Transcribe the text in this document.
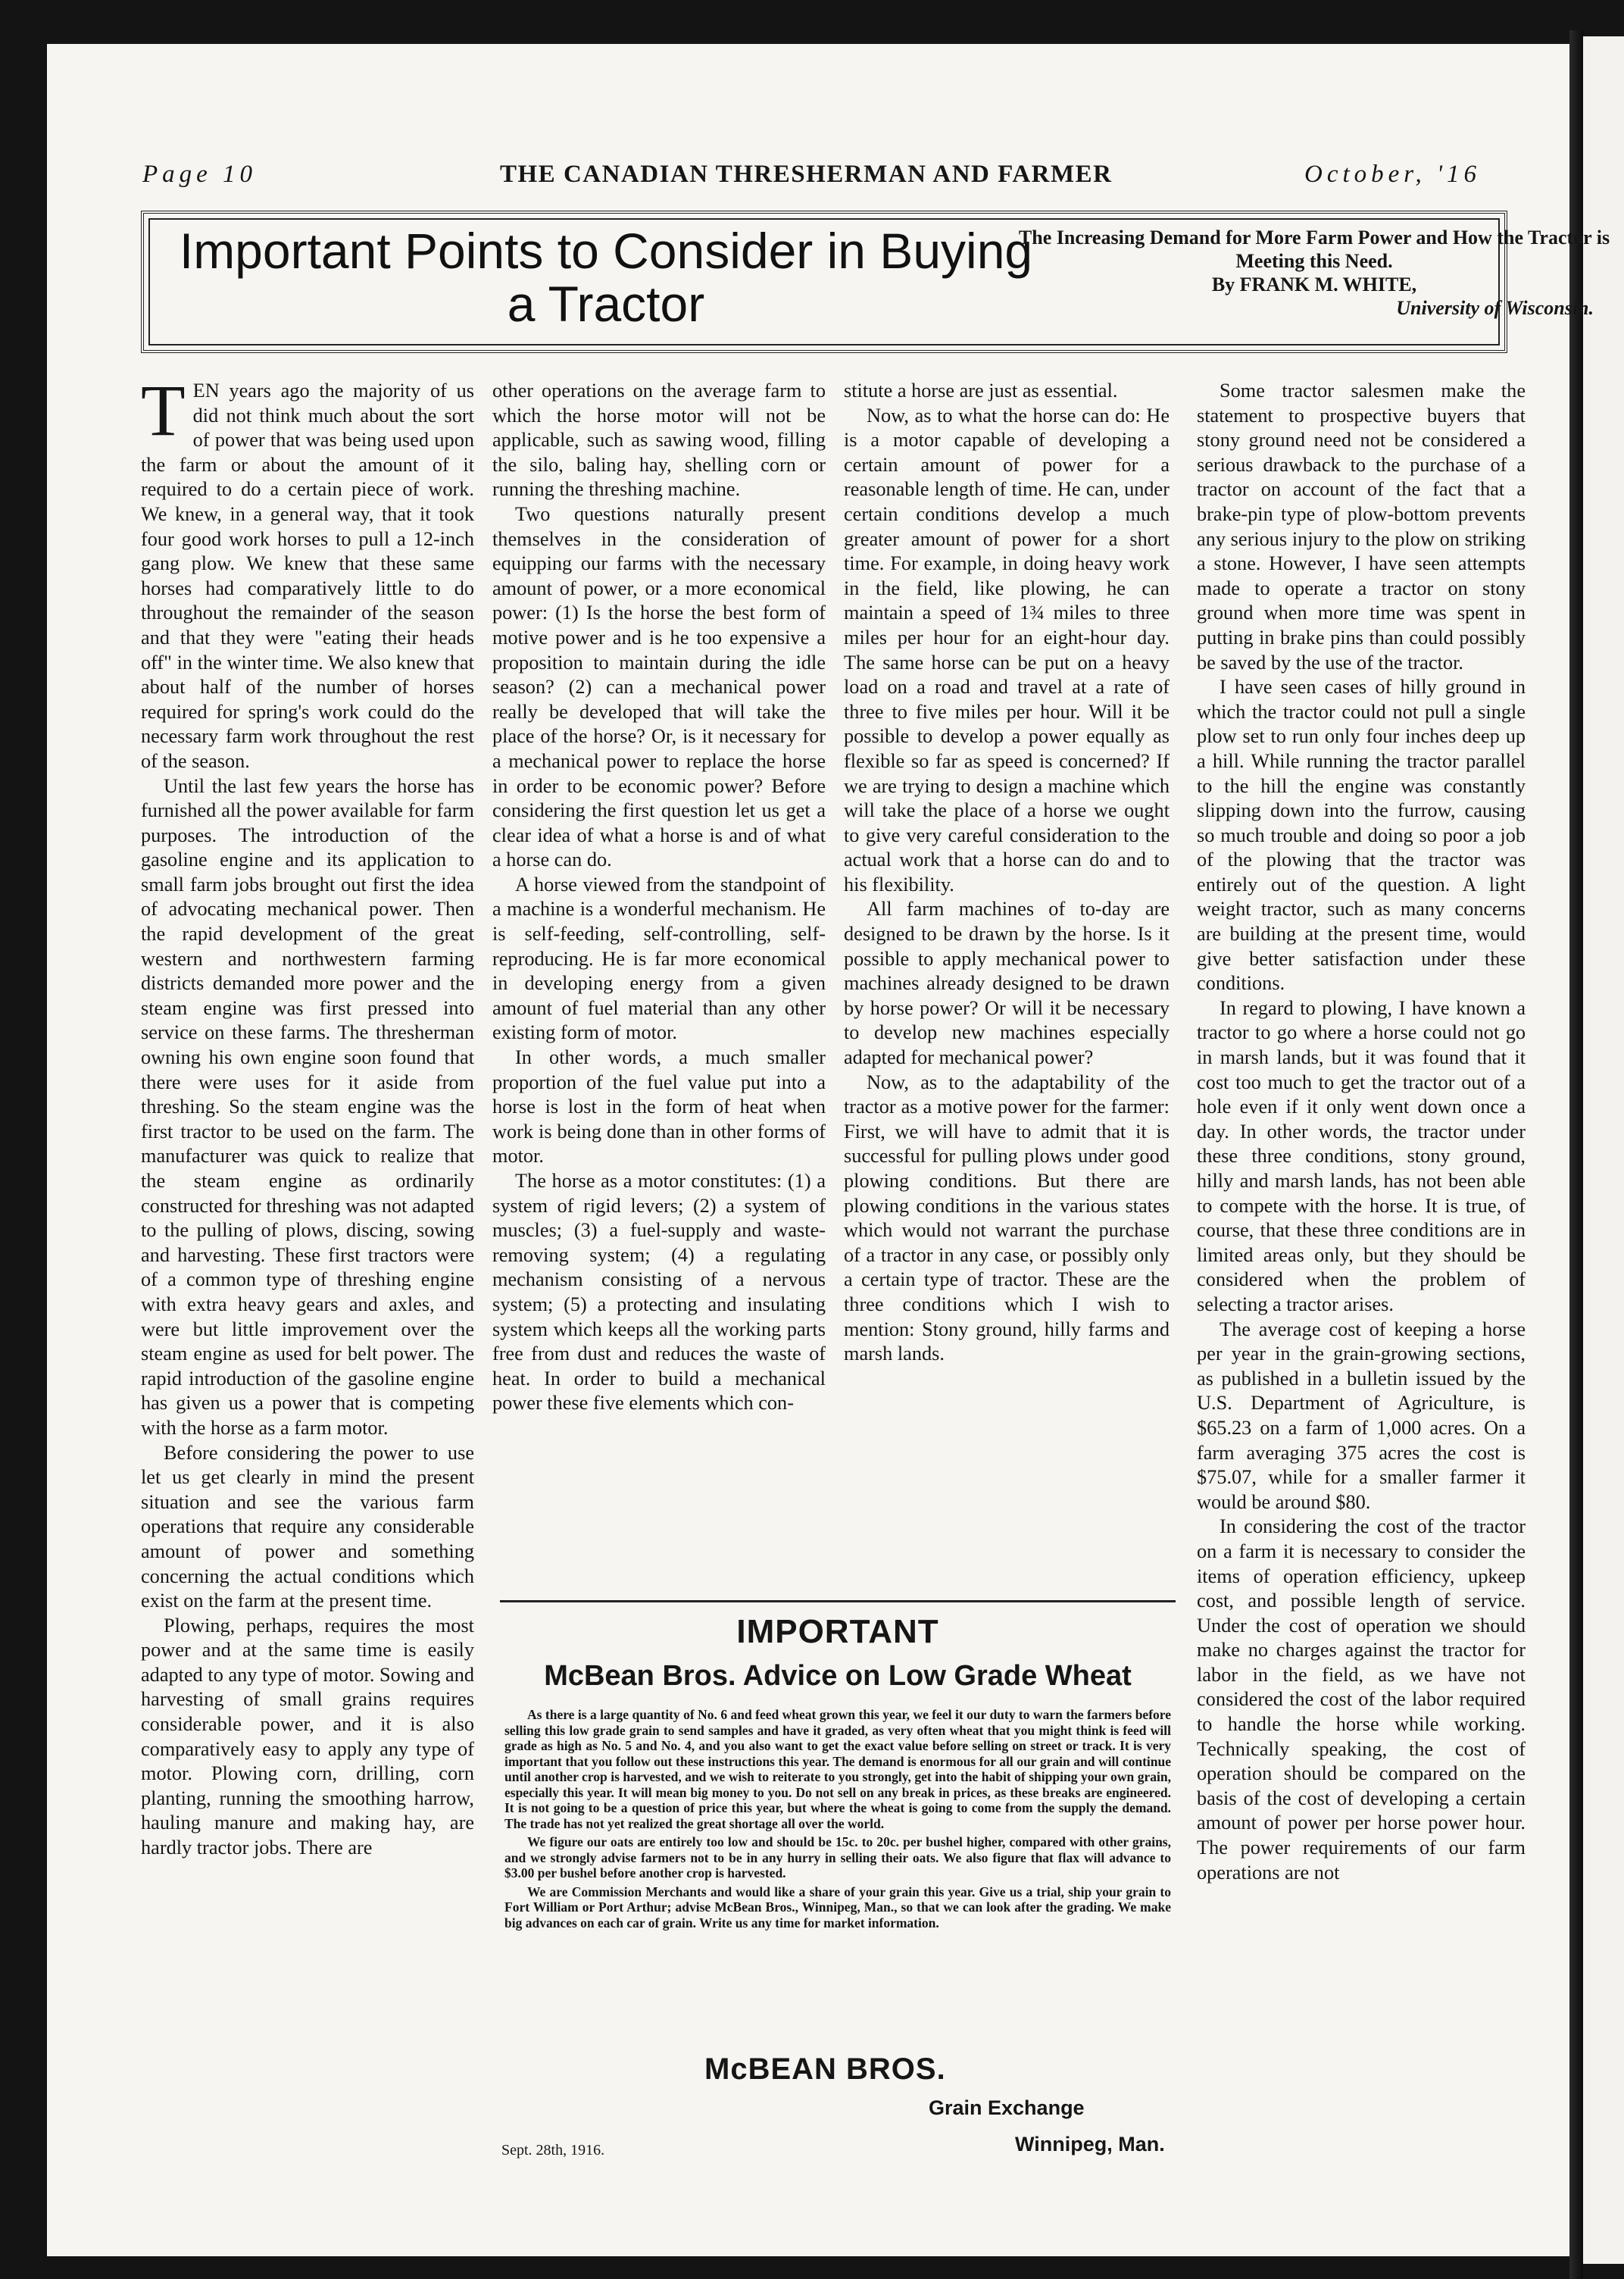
Page 10	THE CANADIAN THRESHERMAN AND FARMER	October, '16
Important Points to Consider in Buying a Tractor
The Increasing Demand for More Farm Power and How the Tractor is Meeting this Need.
By FRANK M. WHITE,
University of Wisconsin.

TEN years ago the majority of us did not think much about the sort of power that was being used upon the farm or about the amount of it required to do a certain piece of work. We knew, in a general way, that it took four good work horses to pull a 12-inch gang plow. We knew that these same horses had comparatively little to do throughout the remainder of the season and that they were "eating their heads off" in the winter time. We also knew that about half of the number of horses required for spring's work could do the necessary farm work throughout the rest of the season.

Until the last few years the horse has furnished all the power available for farm purposes. The introduction of the gasoline engine and its application to small farm jobs brought out first the idea of advocating mechanical power. Then the rapid development of the great western and northwestern farming districts demanded more power and the steam engine was first pressed into service on these farms. The thresherman owning his own engine soon found that there were uses for it aside from threshing. So the steam engine was the first tractor to be used on the farm. The manufacturer was quick to realize that the steam engine as ordinarily constructed for threshing was not adapted to the pulling of plows, discing, sowing and harvesting. These first tractors were of a common type of threshing engine with extra heavy gears and axles, and were but little improvement over the steam engine as used for belt power. The rapid introduction of the gasoline engine has given us a power that is competing with the horse as a farm motor.

Before considering the power to use let us get clearly in mind the present situation and see the various farm operations that require any considerable amount of power and something concerning the actual conditions which exist on the farm at the present time.

Plowing, perhaps, requires the most power and at the same time is easily adapted to any type of motor. Sowing and harvesting of small grains requires considerable power, and it is also comparatively easy to apply any type of motor. Plowing corn, drilling, corn planting, running the smoothing harrow, hauling manure and making hay, are hardly tractor jobs. There are

other operations on the average farm to which the horse motor will not be applicable, such as sawing wood, filling the silo, baling hay, shelling corn or running the threshing machine.

Two questions naturally present themselves in the consideration of equipping our farms with the necessary amount of power, or a more economical power: (1) Is the horse the best form of motive power and is he too expensive a proposition to maintain during the idle season? (2) can a mechanical power really be developed that will take the place of the horse? Or, is it necessary for a mechanical power to replace the horse in order to be economic power? Before considering the first question let us get a clear idea of what a horse is and of what a horse can do.

A horse viewed from the standpoint of a machine is a wonderful mechanism. He is self-feeding, self-controlling, self-reproducing. He is far more economical in developing energy from a given amount of fuel material than any other existing form of motor.

In other words, a much smaller proportion of the fuel value put into a horse is lost in the form of heat when work is being done than in other forms of motor.

The horse as a motor constitutes: (1) a system of rigid levers; (2) a system of muscles; (3) a fuel-supply and waste-removing system; (4) a regulating mechanism consisting of a nervous system; (5) a protecting and insulating system which keeps all the working parts free from dust and reduces the waste of heat. In order to build a mechanical power these five elements which con-

stitute a horse are just as essential.

Now, as to what the horse can do: He is a motor capable of developing a certain amount of power for a reasonable length of time. He can, under certain conditions develop a much greater amount of power for a short time. For example, in doing heavy work in the field, like plowing, he can maintain a speed of 1¾ miles to three miles per hour for an eight-hour day. The same horse can be put on a heavy load on a road and travel at a rate of three to five miles per hour. Will it be possible to develop a power equally as flexible so far as speed is concerned? If we are trying to design a machine which will take the place of a horse we ought to give very careful consideration to the actual work that a horse can do and to his flexibility.

All farm machines of to-day are designed to be drawn by the horse. Is it possible to apply mechanical power to machines already designed to be drawn by horse power? Or will it be necessary to develop new machines especially adapted for mechanical power?

Now, as to the adaptability of the tractor as a motive power for the farmer: First, we will have to admit that it is successful for pulling plows under good plowing conditions. But there are plowing conditions in the various states which would not warrant the purchase of a tractor in any case, or possibly only a certain type of tractor. These are the three conditions which I wish to mention: Stony ground, hilly farms and marsh lands.

Some tractor salesmen make the statement to prospective buyers that stony ground need not be considered a serious drawback to the purchase of a tractor on account of the fact that a brake-pin type of plow-bottom prevents any serious injury to the plow on striking a stone. However, I have seen attempts made to operate a tractor on stony ground when more time was spent in putting in brake pins than could possibly be saved by the use of the tractor.

I have seen cases of hilly ground in which the tractor could not pull a single plow set to run only four inches deep up a hill. While running the tractor parallel to the hill the engine was constantly slipping down into the furrow, causing so much trouble and doing so poor a job of the plowing that the tractor was entirely out of the question. A light weight tractor, such as many concerns are building at the present time, would give better satisfaction under these conditions.

In regard to plowing, I have known a tractor to go where a horse could not go in marsh lands, but it was found that it cost too much to get the tractor out of a hole even if it only went down once a day. In other words, the tractor under these three conditions, stony ground, hilly and marsh lands, has not been able to compete with the horse. It is true, of course, that these three conditions are in limited areas only, but they should be considered when the problem of selecting a tractor arises.

The average cost of keeping a horse per year in the grain-growing sections, as published in a bulletin issued by the U.S. Department of Agriculture, is $65.23 on a farm of 1,000 acres. On a farm averaging 375 acres the cost is $75.07, while for a smaller farmer it would be around $80.

In considering the cost of the tractor on a farm it is necessary to consider the items of operation efficiency, upkeep cost, and possible length of service. Under the cost of operation we should make no charges against the tractor for labor in the field, as we have not considered the cost of the labor required to handle the horse while working. Technically speaking, the cost of operation should be compared on the basis of the cost of developing a certain amount of power per horse power hour. The power requirements of our farm operations are not

IMPORTANT
McBean Bros. Advice on Low Grade Wheat

As there is a large quantity of No. 6 and feed wheat grown this year, we feel it our duty to warn the farmers before selling this low grade grain to send samples and have it graded, as very often wheat that you might think is feed will grade as high as No. 5 and No. 4, and you also want to get the exact value before selling on street or track. It is very important that you follow out these instructions this year. The demand is enormous for all our grain and will continue until another crop is harvested, and we wish to reiterate to you strongly, get into the habit of shipping your own grain, especially this year. It will mean big money to you. Do not sell on any break in prices, as these breaks are engineered. It is not going to be a question of price this year, but where the wheat is going to come from the supply the demand. The trade has not yet realized the great shortage all over the world.

We figure our oats are entirely too low and should be 15c. to 20c. per bushel higher, compared with other grains, and we strongly advise farmers not to be in any hurry in selling their oats. We also figure that flax will advance to $3.00 per bushel before another crop is harvested.

We are Commission Merchants and would like a share of your grain this year. Give us a trial, ship your grain to Fort William or Port Arthur; advise McBean Bros., Winnipeg, Man., so that we can look after the grading. We make big advances on each car of grain. Write us any time for market information.

McBEAN BROS.
Grain Exchange
Sept. 28th, 1916.	Winnipeg, Man.
